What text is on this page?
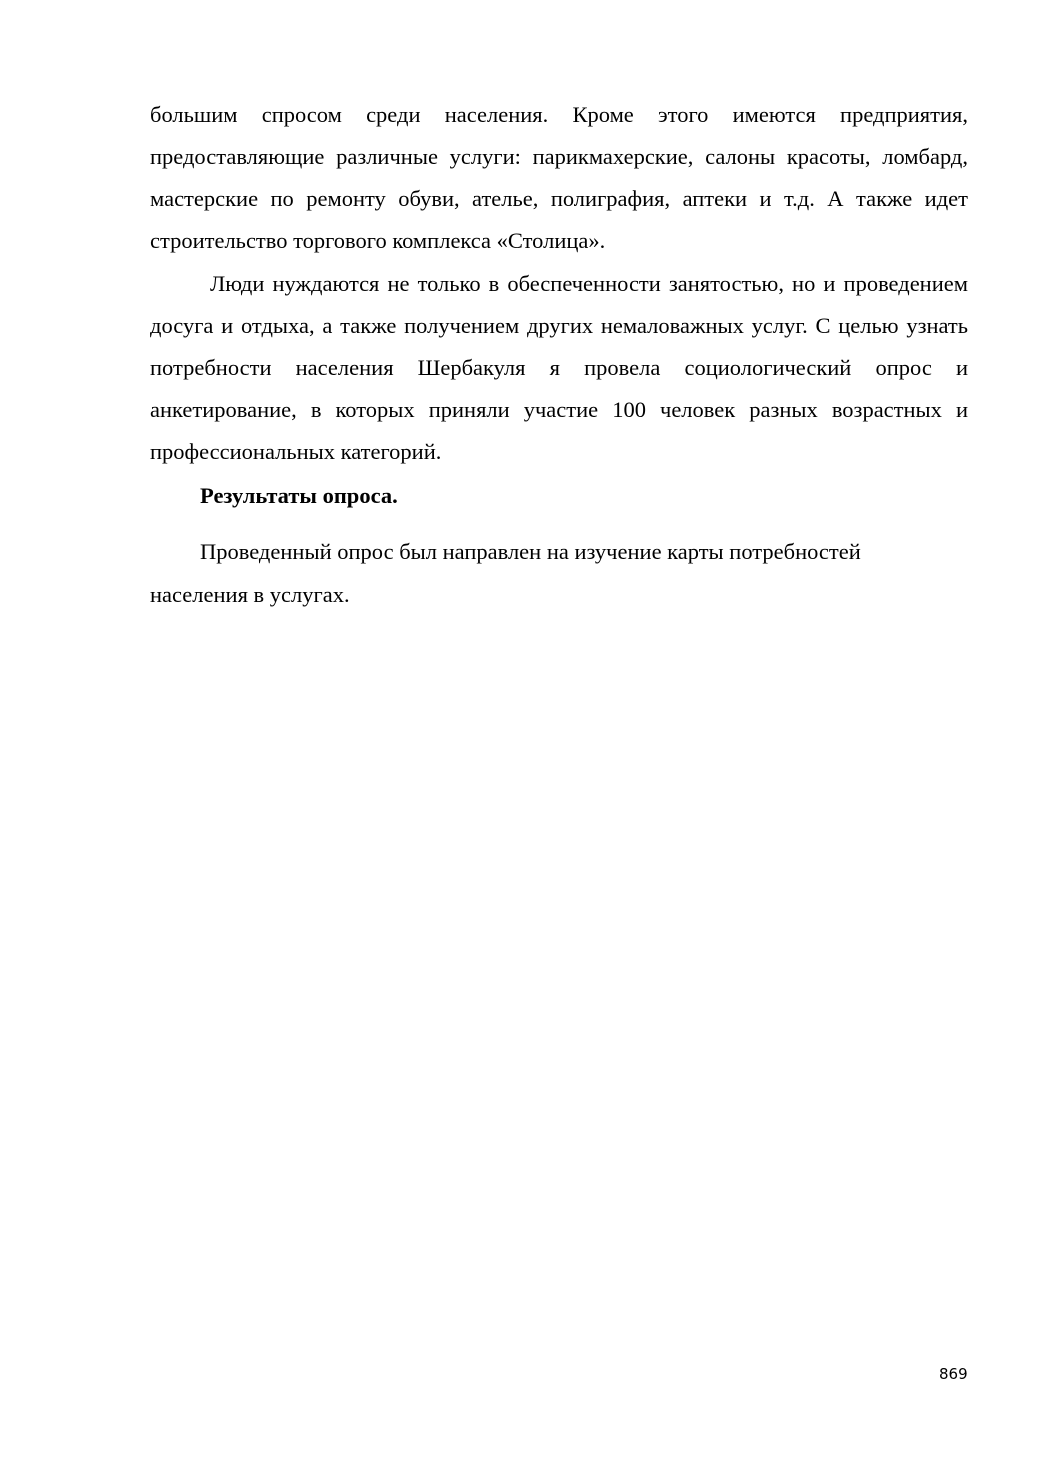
большим спросом среди населения. Кроме этого имеются предприятия, предоставляющие различные услуги: парикмахерские, салоны красоты, ломбард, мастерские по ремонту обуви, ателье, полиграфия, аптеки и т.д. А также идет строительство торгового комплекса «Столица».

Люди нуждаются не только в обеспеченности занятостью, но и проведением досуга и отдыха, а также получением других немаловажных услуг. С целью узнать потребности населения Шербакуля я провела социологический опрос и анкетирование, в которых приняли участие 100 человек разных возрастных и профессиональных категорий.

Результаты опроса.
Проведенный опрос был направлен на изучение карты потребностей
населения в услугах.
869
